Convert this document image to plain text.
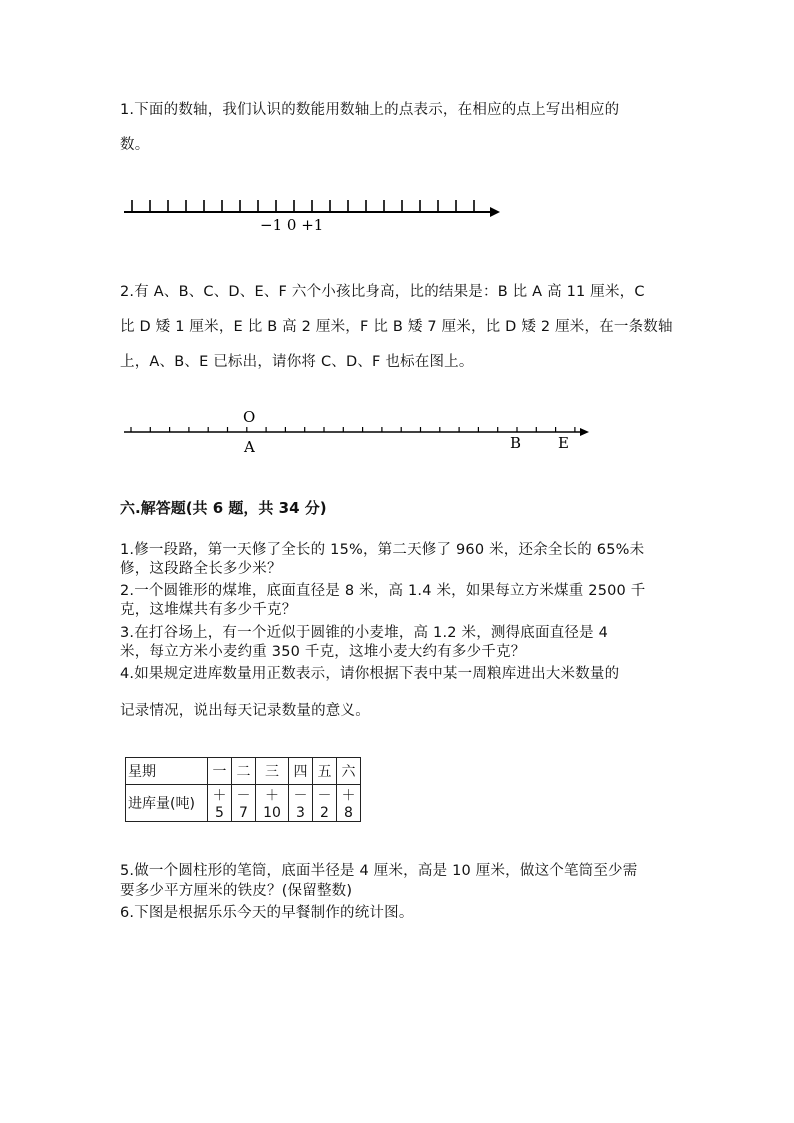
1.下面的数轴，我们认识的数能用数轴上的点表示，在相应的点上写出相应的
数。
−1 0 +1
2.有 A、B、C、D、E、F 六个小孩比身高，比的结果是：B 比 A 高 11 厘米，C
比 D 矮 1 厘米，E 比 B 高 2 厘米，F 比 B 矮 7 厘米，比 D 矮 2 厘米，在一条数轴
上，A、B、E 已标出，请你将 C、D、F 也标在图上。
O
A	B E
六.解答题(共 6 题，共 34 分)
1.修一段路，第一天修了全长的 15%，第二天修了 960 米，还余全长的 65%未
修，这段路全长多少米？
2.一个圆锥形的煤堆，底面直径是 8 米，高 1.4 米，如果每立方米煤重 2500 千
克，这堆煤共有多少千克？
3.在打谷场上，有一个近似于圆锥的小麦堆，高 1.2 米，测得底面直径是 4
米，每立方米小麦约重 350 千克，这堆小麦大约有多少千克？
4.如果规定进库数量用正数表示，请你根据下表中某一周粮库进出大米数量的
记录情况，说出每天记录数量的意义。
星期	一	二	三	四	五	六
进库量(吨)	＋5	－7	＋10	－3	－2	＋8
5.做一个圆柱形的笔筒，底面半径是 4 厘米，高是 10 厘米，做这个笔筒至少需
要多少平方厘米的铁皮？(保留整数)
6.下图是根据乐乐今天的早餐制作的统计图。
